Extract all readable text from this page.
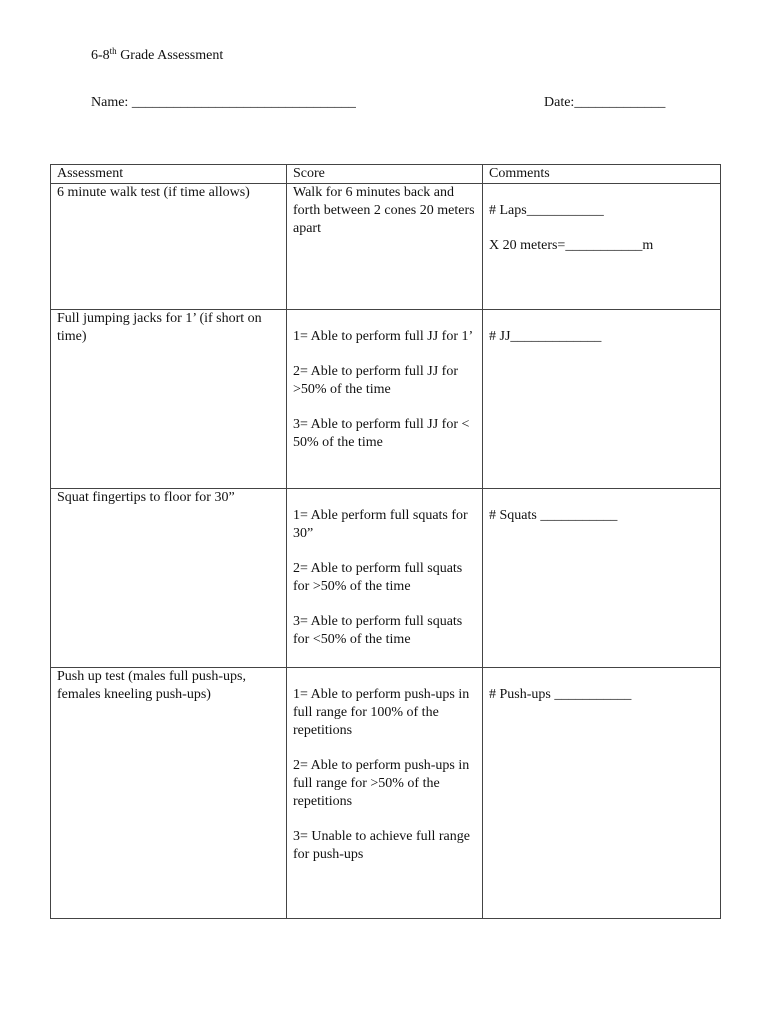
6-8th Grade Assessment
Name: ________________________________	Date:_____________
Assessment	Score	Comments

6 minute walk test (if time allows)	Walk for 6 minutes back and forth between 2 cones 20 meters apart	# Laps___________
X 20 meters=___________m

Full jumping jacks for 1’ (if short on time)	1= Able to perform full JJ for 1’
2= Able to perform full JJ for >50% of the time
3= Able to perform full JJ for < 50% of the time	# JJ_____________

Squat fingertips to floor for 30”	1= Able perform full squats for 30”
2= Able to perform full squats for >50% of the time
3= Able to perform full squats for <50% of the time	# Squats ___________

Push up test (males full push-ups, females kneeling push-ups)	1= Able to perform push-ups in full range for 100% of the repetitions
2= Able to perform push-ups in full range for >50% of the repetitions
3= Unable to achieve full range for push-ups	# Push-ups ___________
